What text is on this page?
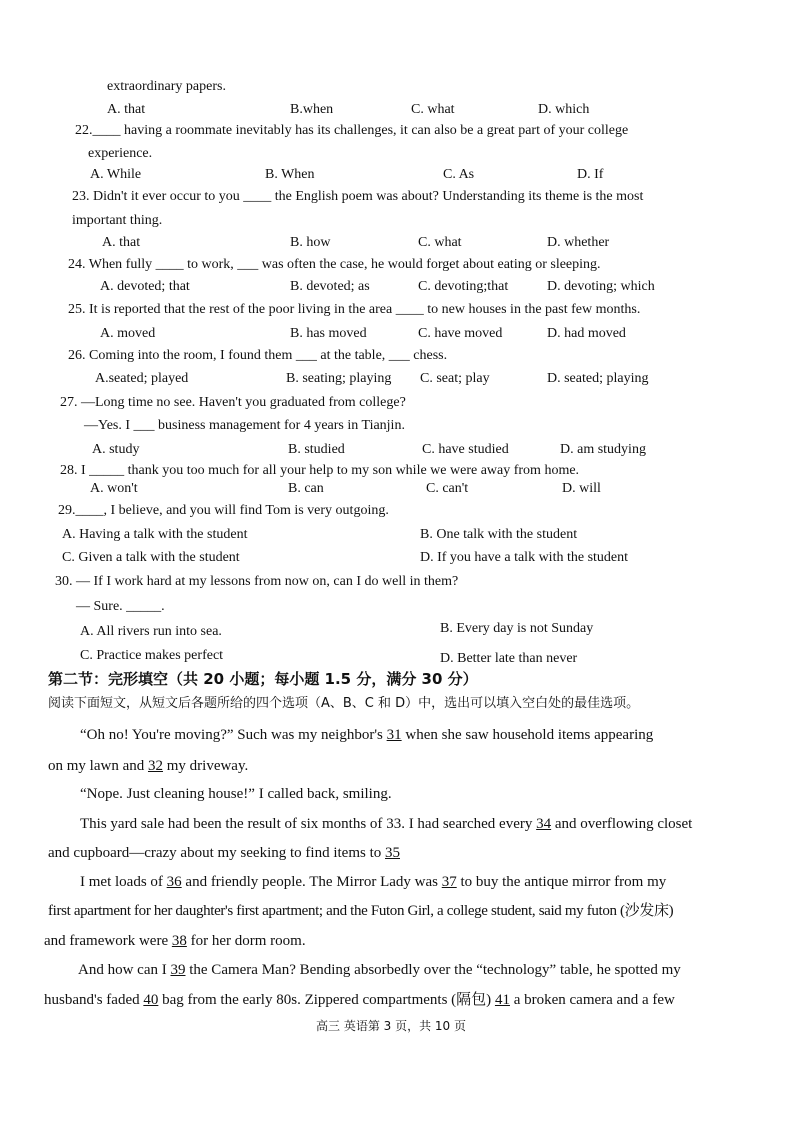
extraordinary papers.
A. that	B.when	C. what	D. which
22.____ having a roommate inevitably has its challenges, it can also be a great part of your college
experience.
A. While	B. When	C. As	D. If
23. Didn't it ever occur to you ____ the English poem was about? Understanding its theme is the most
important thing.
A. that	B. how	C. what	D. whether
24. When fully ____ to work, ___ was often the case, he would forget about eating or sleeping.
A. devoted; that	B. devoted; as	C. devoting;that	D. devoting; which
25. It is reported that the rest of the poor living in the area ____ to new houses in the past few months.
A. moved	B. has moved	C. have moved	D. had moved
26. Coming into the room, I found them ___ at the table, ___ chess.
A.seated; played	B. seating; playing C. seat; play	D. seated; playing
27. —Long time no see. Haven't you graduated from college?
—Yes. I ___ business management for 4 years in Tianjin.
A. study	B. studied	C. have studied	D. am studying
28. I _____ thank you too much for all your help to my son while we were away from home.
A. won't	B. can	C. can't	D. will
29.____, I believe, and you will find Tom is very outgoing.
A. Having a talk with the student	B. One talk with the student
C. Given a talk with the student	D. If you have a talk with the student
30. — If I work hard at my lessons from now on, can I do well in them?
— Sure. _____.
A. All rivers run into sea.	B. Every day is not Sunday
C. Practice makes perfect	D. Better late than never
第二节：完形填空（共 20 小题；每小题 1.5 分，满分 30 分）
阅读下面短文，从短文后各题所给的四个选项（A、B、C 和 D）中，选出可以填入空白处的最佳选项。
“Oh no! You're moving?” Such was my neighbor's 31 when she saw household items appearing
on my lawn and 32 my driveway.
“Nope. Just cleaning house!” I called back, smiling.
This yard sale had been the result of six months of 33. I had searched every 34 and overflowing closet
and cupboard—crazy about my seeking to find items to 35
I met loads of 36 and friendly people. The Mirror Lady was 37 to buy the antique mirror from my
first apartment for her daughter's first apartment; and the Futon Girl, a college student, said my futon (沙发床)
and framework were 38 for her dorm room.
And how can I 39 the Camera Man? Bending absorbedly over the “technology” table, he spotted my
husband's faded 40 bag from the early 80s. Zippered compartments (隔包) 41 a broken camera and a few
高三 英语第 3 页，共 10 页
